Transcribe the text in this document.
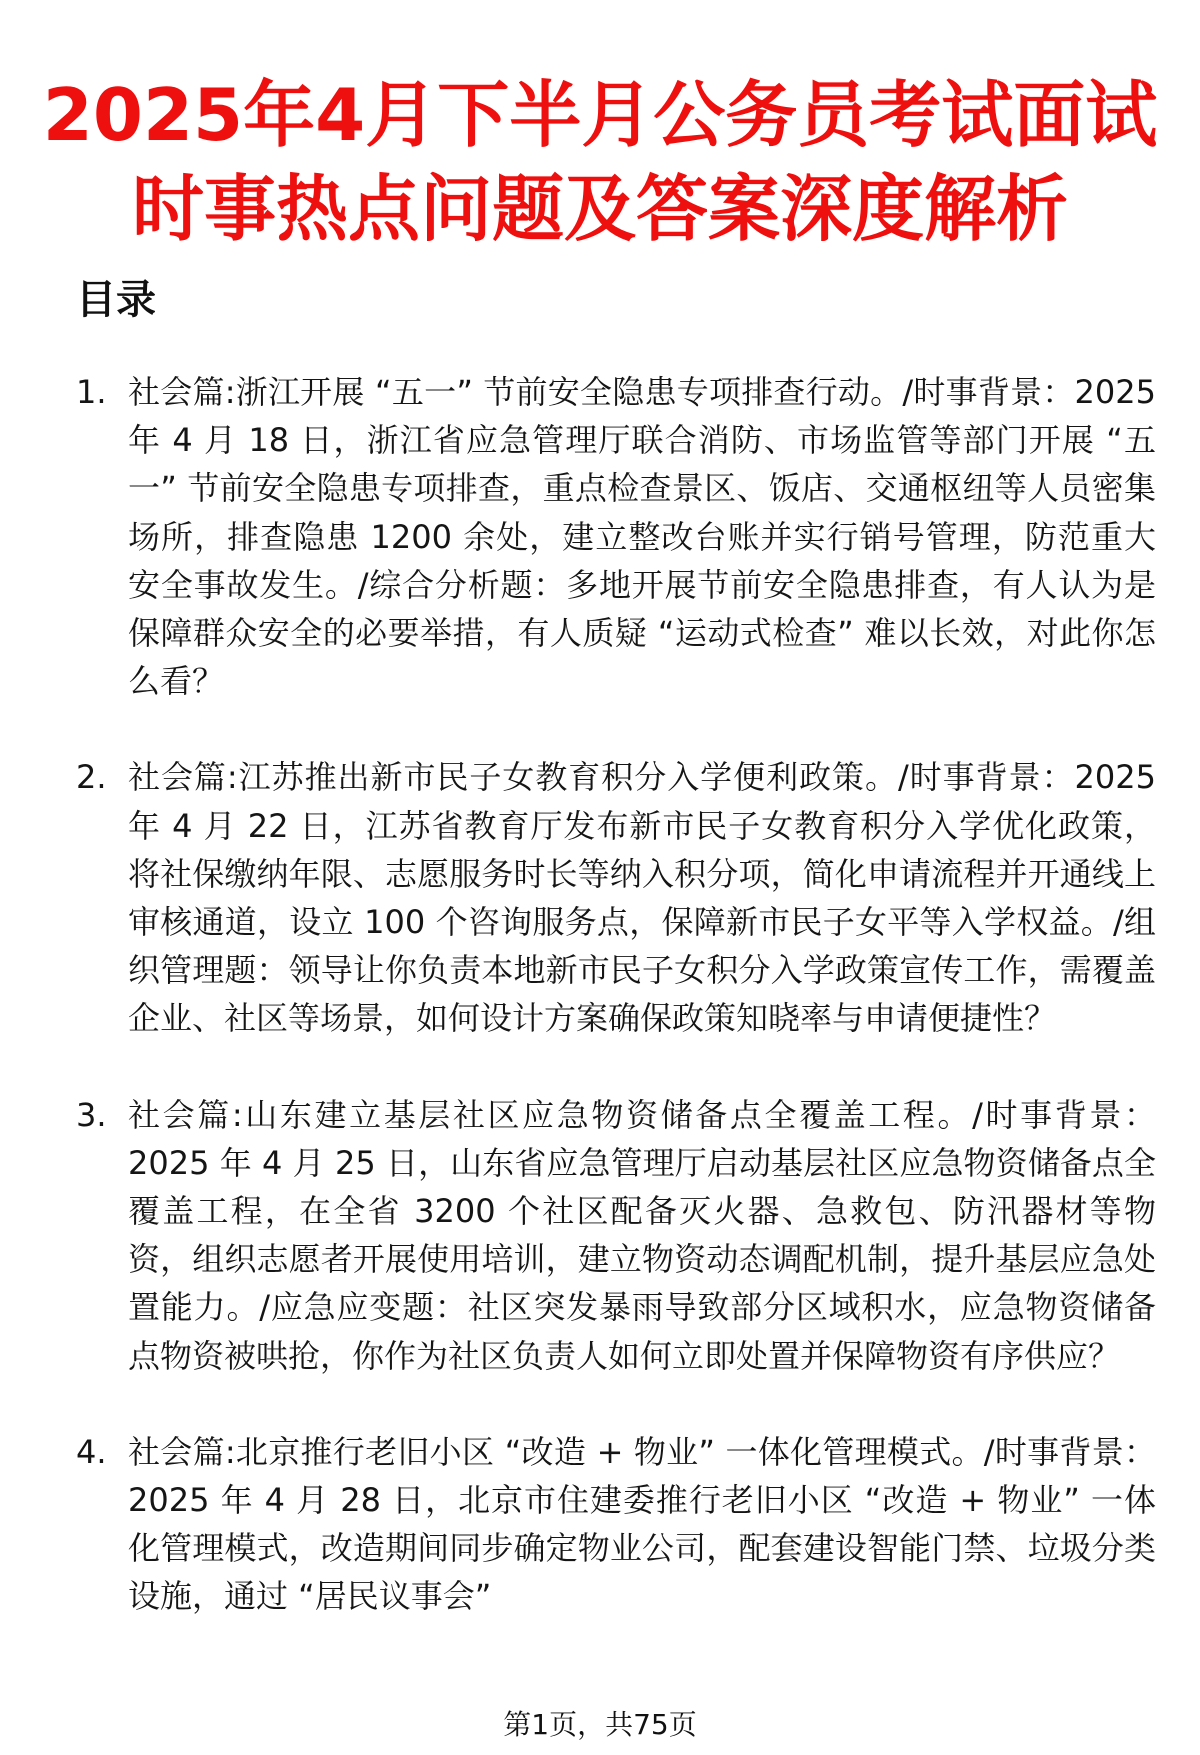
2025年4月下半月公务员考试面试
时事热点问题及答案深度解析
目录
1. 社会篇:浙江开展 “五一” 节前安全隐患专项排查行动。/时事背景：2025 年 4 月 18 日，浙江省应急管理厅联合消防、市场监管等部门开展 “五一” 节前安全隐患专项排查，重点检查景区、饭店、交通枢纽等人员密集场所，排查隐患 1200 余处，建立整改台账并实行销号管理，防范重大安全事故发生。/综合分析题：多地开展节前安全隐患排查，有人认为是保障群众安全的必要举措，有人质疑 “运动式检查” 难以长效，对此你怎么看？
2. 社会篇:江苏推出新市民子女教育积分入学便利政策。/时事背景：2025 年 4 月 22 日，江苏省教育厅发布新市民子女教育积分入学优化政策，将社保缴纳年限、志愿服务时长等纳入积分项，简化申请流程并开通线上审核通道，设立 100 个咨询服务点，保障新市民子女平等入学权益。/组织管理题：领导让你负责本地新市民子女积分入学政策宣传工作，需覆盖企业、社区等场景，如何设计方案确保政策知晓率与申请便捷性？
3. 社会篇:山东建立基层社区应急物资储备点全覆盖工程。/时事背景：2025 年 4 月 25 日，山东省应急管理厅启动基层社区应急物资储备点全覆盖工程，在全省 3200 个社区配备灭火器、急救包、防汛器材等物资，组织志愿者开展使用培训，建立物资动态调配机制，提升基层应急处置能力。/应急应变题：社区突发暴雨导致部分区域积水，应急物资储备点物资被哄抢，你作为社区负责人如何立即处置并保障物资有序供应？
4. 社会篇:北京推行老旧小区 “改造 + 物业” 一体化管理模式。/时事背景：2025 年 4 月 28 日，北京市住建委推行老旧小区 “改造 + 物业” 一体化管理模式，改造期间同步确定物业公司，配套建设智能门禁、垃圾分类设施，通过 “居民议事会”
第1页，共75页
